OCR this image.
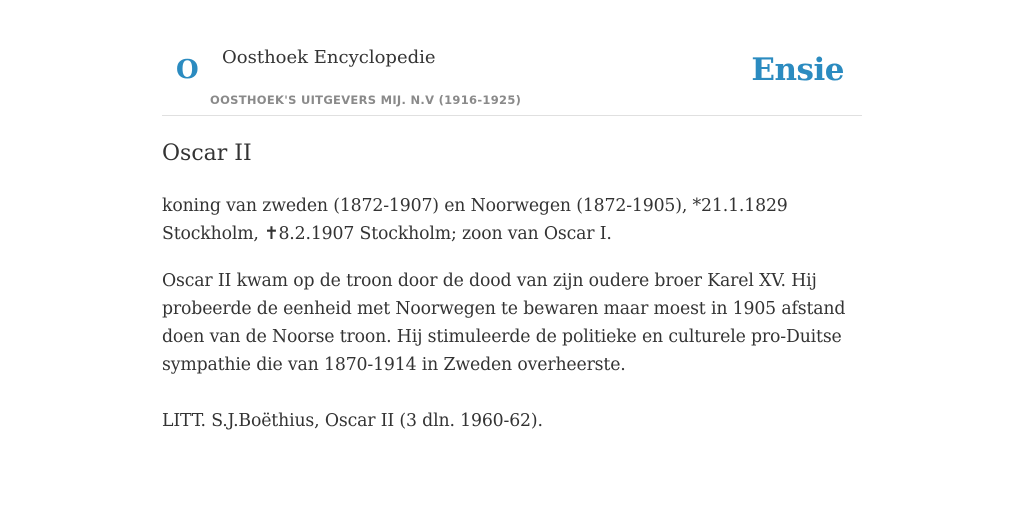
O Oosthoek Encyclopedie
OOSTHOEK'S UITGEVERS MIJ. N.V (1916-1925)
Ensie
Oscar II

koning van zweden (1872-1907) en Noorwegen (1872-1905), *21.1.1829 Stockholm, ✝8.2.1907 Stockholm; zoon van Oscar I.

Oscar II kwam op de troon door de dood van zijn oudere broer Karel XV. Hij probeerde de eenheid met Noorwegen te bewaren maar moest in 1905 afstand doen van de Noorse troon. Hij stimuleerde de politieke en culturele pro-Duitse sympathie die van 1870-1914 in Zweden overheerste.

LITT. S.J.Boëthius, Oscar II (3 dln. 1960-62).
